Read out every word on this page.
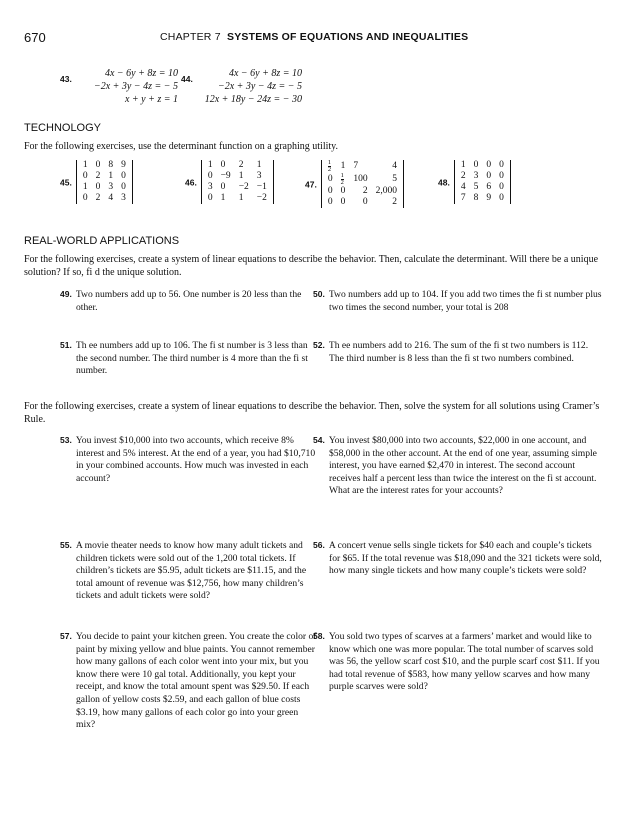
670	CHAPTER 7 SYSTEMS OF EQUATIONS AND INEQUALITIES
43.	4x − 6y + 8z = 10
−2x + 3y − 4z = − 5
x + y + z = 1
44.	4x − 6y + 8z = 10
−2x + 3y − 4z = − 5
12x + 18y − 24z = − 30
TECHNOLOGY
For the following exercises, use the determinant function on a graphing utility.
45.
1	0	8	9
0	2	1	0
1	0	3	0
0	2	4	3
46.
1	0	2	1
0	−9	1	3
3	0	−2	−1
0	1	1	−2
47.
$\frac{1}{2}$	1	7	4
0	$\frac{1}{2}$	100	5
0	0	2	2,000
0	0	0	2
48.
1	0	0	0
2	3	0	0
4	5	6	0
7	8	9	0
REAL-WORLD APPLICATIONS
For the following exercises, create a system of linear equations to describe the behavior. Then, calculate the determinant. Will there be a unique solution? If so, fi d the unique solution.
49. Two numbers add up to 56. One number is 20 less than the other.
50. Two numbers add up to 104. If you add two times the fi st number plus two times the second number, your total is 208
51. Th ee numbers add up to 106. The fi st number is 3 less than the second number. The third number is 4 more than the fi st number.
52. Th ee numbers add to 216. The sum of the fi st two numbers is 112. The third number is 8 less than the fi st two numbers combined.
For the following exercises, create a system of linear equations to describe the behavior. Then, solve the system for all solutions using Cramer’s Rule.
53. You invest $10,000 into two accounts, which receive 8% interest and 5% interest. At the end of a year, you had $10,710 in your combined accounts. How much was invested in each account?
54. You invest $80,000 into two accounts, $22,000 in one account, and $58,000 in the other account. At the end of one year, assuming simple interest, you have earned $2,470 in interest. The second account receives half a percent less than twice the interest on the fi st account. What are the interest rates for your accounts?
55. A movie theater needs to know how many adult tickets and children tickets were sold out of the 1,200 total tickets. If children’s tickets are $5.95, adult tickets are $11.15, and the total amount of revenue was $12,756, how many children’s tickets and adult tickets were sold?
56. A concert venue sells single tickets for $40 each and couple’s tickets for $65. If the total revenue was $18,090 and the 321 tickets were sold, how many single tickets and how many couple’s tickets were sold?
57. You decide to paint your kitchen green. You create the color of paint by mixing yellow and blue paints. You cannot remember how many gallons of each color went into your mix, but you know there were 10 gal total. Additionally, you kept your receipt, and know the total amount spent was $29.50. If each gallon of yellow costs $2.59, and each gallon of blue costs $3.19, how many gallons of each color go into your green mix?
58. You sold two types of scarves at a farmers’ market and would like to know which one was more popular. The total number of scarves sold was 56, the yellow scarf cost $10, and the purple scarf cost $11. If you had total revenue of $583, how many yellow scarves and how many purple scarves were sold?
